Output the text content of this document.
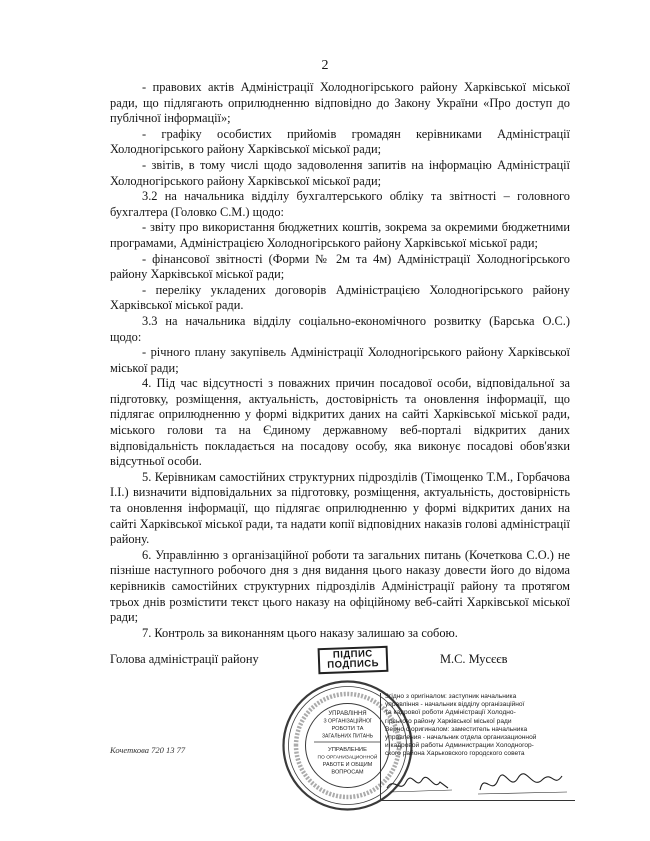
2

- правових актів Адміністрації Холодногірського району Харківської міської ради, що підлягають оприлюдненню відповідно до Закону України «Про доступ до публічної інформації»;

- графіку особистих прийомів громадян керівниками Адміністрації Холодногірського району Харківської міської ради;

- звітів, в тому числі щодо задоволення запитів на інформацію Адміністрації Холодногірського району Харківської міської ради;

3.2 на начальника відділу бухгалтерського обліку та звітності – головного бухгалтера (Головко С.М.) щодо:

- звіту про використання бюджетних коштів, зокрема за окремими бюджетними програмами, Адміністрацією Холодногірського району Харківської міської ради;

- фінансової звітності (Форми № 2м та 4м) Адміністрації Холодногірського району Харківської міської ради;

- переліку укладених договорів Адміністрацією Холодногірського району Харківської міської ради.

3.3 на начальника відділу соціально-економічного розвитку (Барська О.С.) щодо:

- річного плану закупівель Адміністрації Холодногірського району Харківської міської ради;

4. Під час відсутності з поважних причин посадової особи, відповідальної за підготовку, розміщення, актуальність, достовірність та оновлення інформації, що підлягає оприлюдненню у формі відкритих даних на сайті Харківської міської ради, міського голови та на Єдиному державному веб-порталі відкритих даних відповідальність покладається на посадову особу, яка виконує посадові обов'язки відсутньої особи.

5. Керівникам самостійних структурних підрозділів (Тімощенко Т.М., Горбачова І.І.) визначити відповідальних за підготовку, розміщення, актуальність, достовірність та оновлення інформації, що підлягає оприлюдненню у формі відкритих даних на сайті Харківської міської ради, та надати копії відповідних наказів голові адміністрації району.

6. Управлінню з організаційної роботи та загальних питань (Кочеткова С.О.) не пізніше наступного робочого дня з дня видання цього наказу довести його до відома керівників самостійних структурних підрозділів Адміністрації району та протягом трьох днів розмістити текст цього наказу на офіційному веб-сайті Харківської міської ради;

7. Контроль за виконанням цього наказу залишаю за собою.

Голова адміністрації району	М.С. Мусєєв
ПІДПИС
ПОДПИСЬ
Кочеткова 720 13 77
УПРАВЛІННЯ
З ОРГАНІЗАЦІЙНОЇ
РОБОТИ ТА
ЗАГАЛЬНИХ ПИТАНЬ
УПРАВЛЕНИЕ
ПО ОРГАНИЗАЦИОННОЙ
РАБОТЕ И ОБЩИМ
ВОПРОСАМ
Згідно з оригіналом: заступник начальника
управління - начальник відділу організаційної
та кадрової роботи Адміністрації Холодно-
гірського району Харківської міської ради
Верно с оригиналом: заместитель начальника
управления - начальник отдела организационной
и кадровой работы Администрации Холодногор-
ского района Харьковского городского совета
